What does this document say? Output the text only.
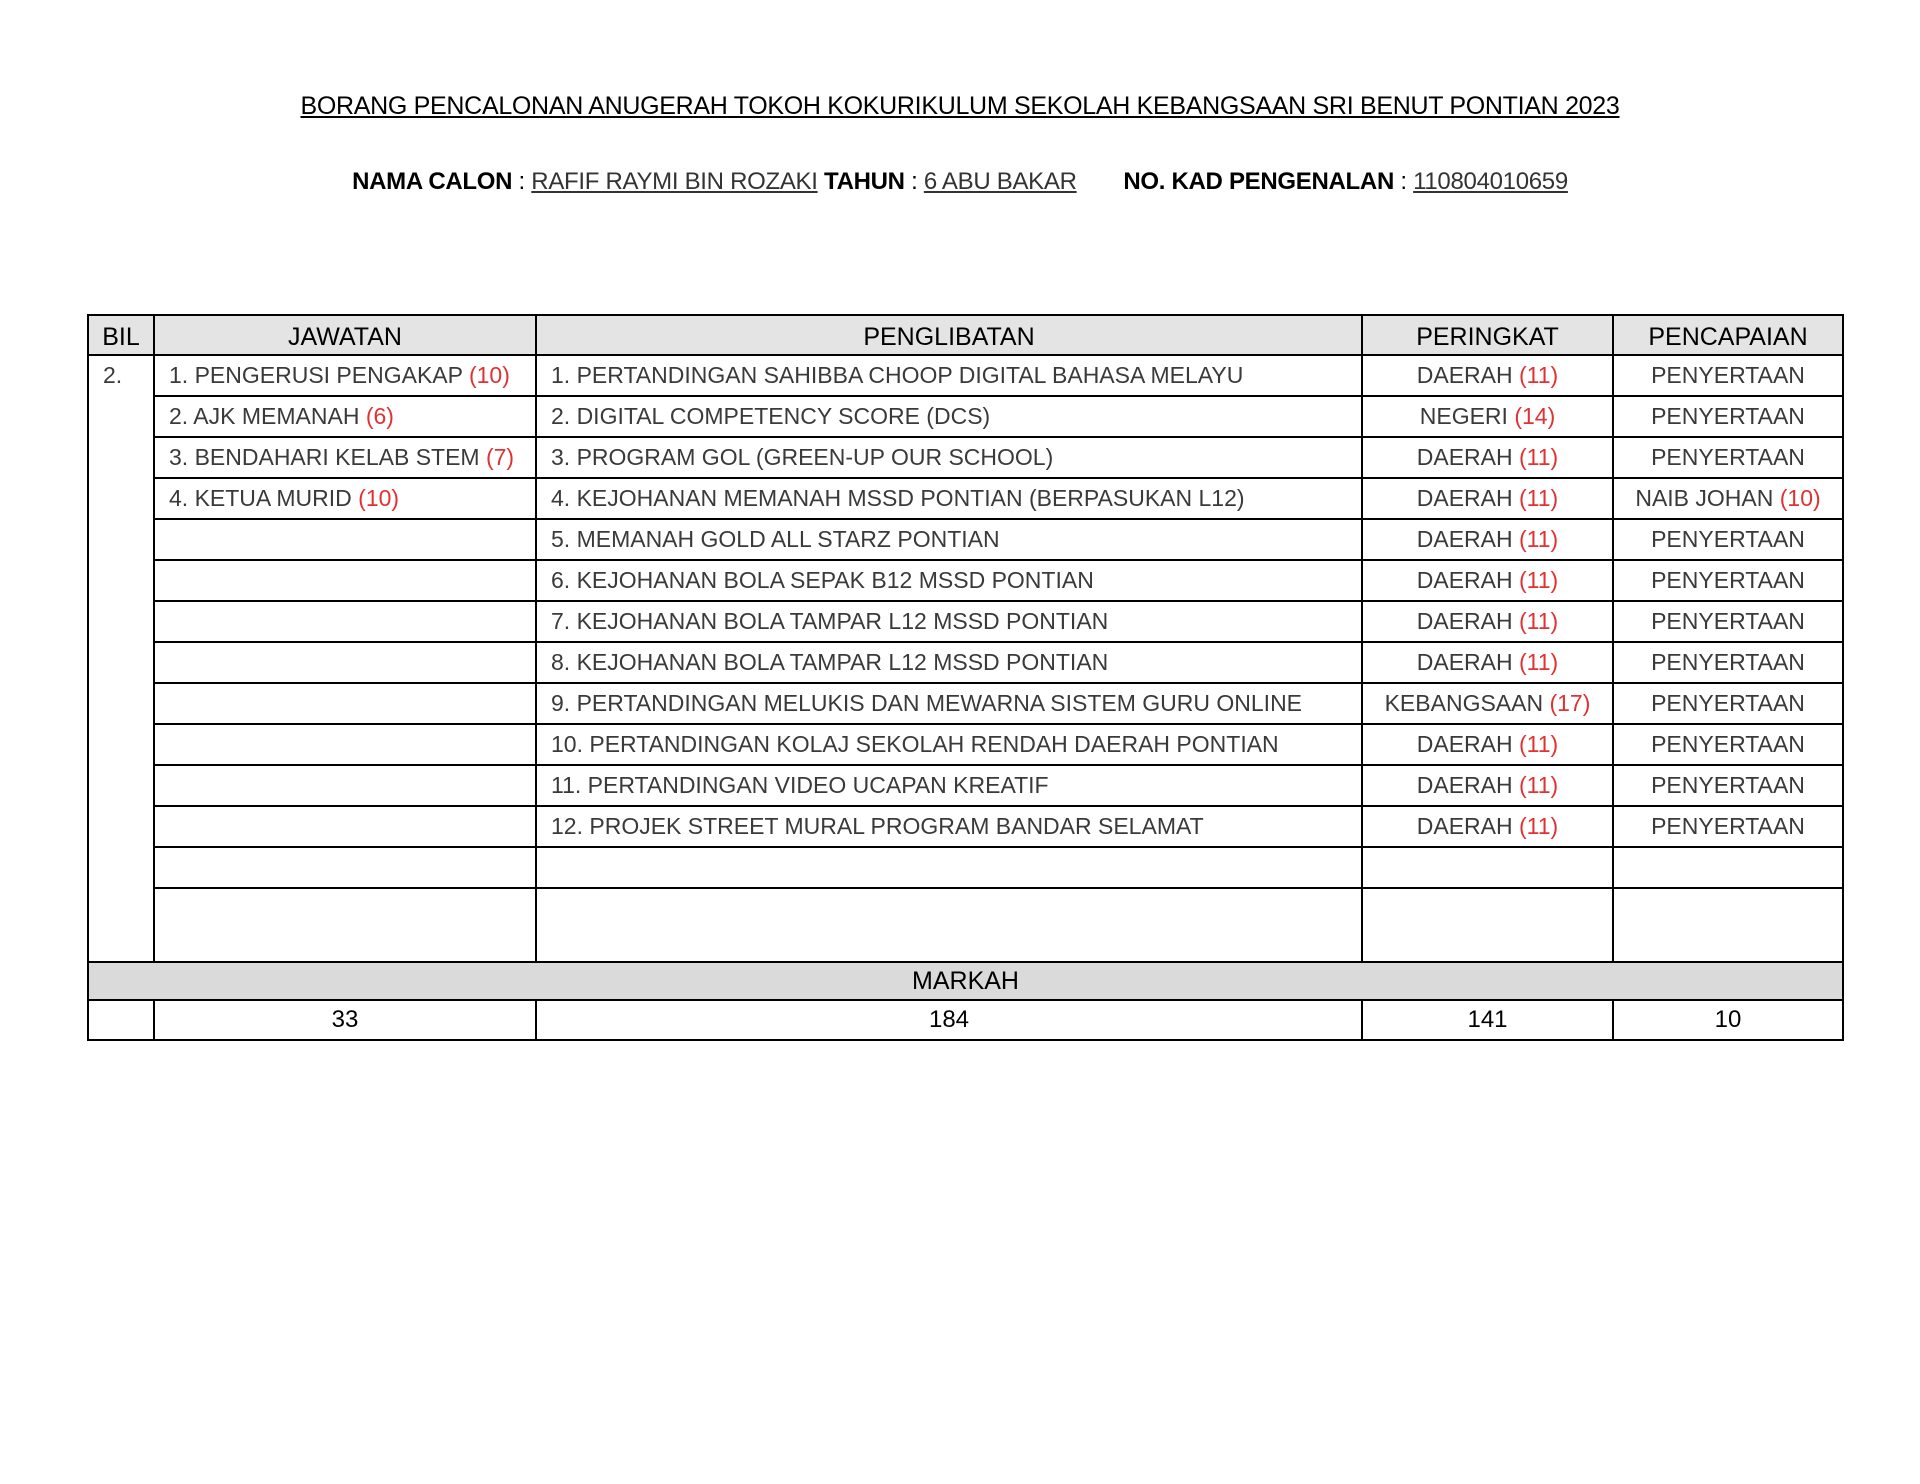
BORANG PENCALONAN ANUGERAH TOKOH KOKURIKULUM SEKOLAH KEBANGSAAN SRI BENUT PONTIAN 2023
NAMA CALON : RAFIF RAYMI BIN ROZAKI TAHUN : 6 ABU BAKAR NO. KAD PENGENALAN : 110804010659
BIL	JAWATAN	PENGLIBATAN	PERINGKAT	PENCAPAIAN
2.	1. PENGERUSI PENGAKAP (10)	1. PERTANDINGAN SAHIBBA CHOOP DIGITAL BAHASA MELAYU	DAERAH (11)	PENYERTAAN
	2. AJK MEMANAH (6)	2. DIGITAL COMPETENCY SCORE (DCS)	NEGERI (14)	PENYERTAAN
	3. BENDAHARI KELAB STEM (7)	3. PROGRAM GOL (GREEN-UP OUR SCHOOL)	DAERAH (11)	PENYERTAAN
	4. KETUA MURID (10)	4. KEJOHANAN MEMANAH MSSD PONTIAN (BERPASUKAN L12)	DAERAH (11)	NAIB JOHAN (10)
		5. MEMANAH GOLD ALL STARZ PONTIAN	DAERAH (11)	PENYERTAAN
		6. KEJOHANAN BOLA SEPAK B12 MSSD PONTIAN	DAERAH (11)	PENYERTAAN
		7. KEJOHANAN BOLA TAMPAR L12 MSSD PONTIAN	DAERAH (11)	PENYERTAAN
		8. KEJOHANAN BOLA TAMPAR L12 MSSD PONTIAN	DAERAH (11)	PENYERTAAN
		9. PERTANDINGAN MELUKIS DAN MEWARNA SISTEM GURU ONLINE	KEBANGSAAN (17)	PENYERTAAN
		10. PERTANDINGAN KOLAJ SEKOLAH RENDAH DAERAH PONTIAN	DAERAH (11)	PENYERTAAN
		11. PERTANDINGAN VIDEO UCAPAN KREATIF	DAERAH (11)	PENYERTAAN
		12. PROJEK STREET MURAL PROGRAM BANDAR SELAMAT	DAERAH (11)	PENYERTAAN

MARKAH				
	33	184	141	10
